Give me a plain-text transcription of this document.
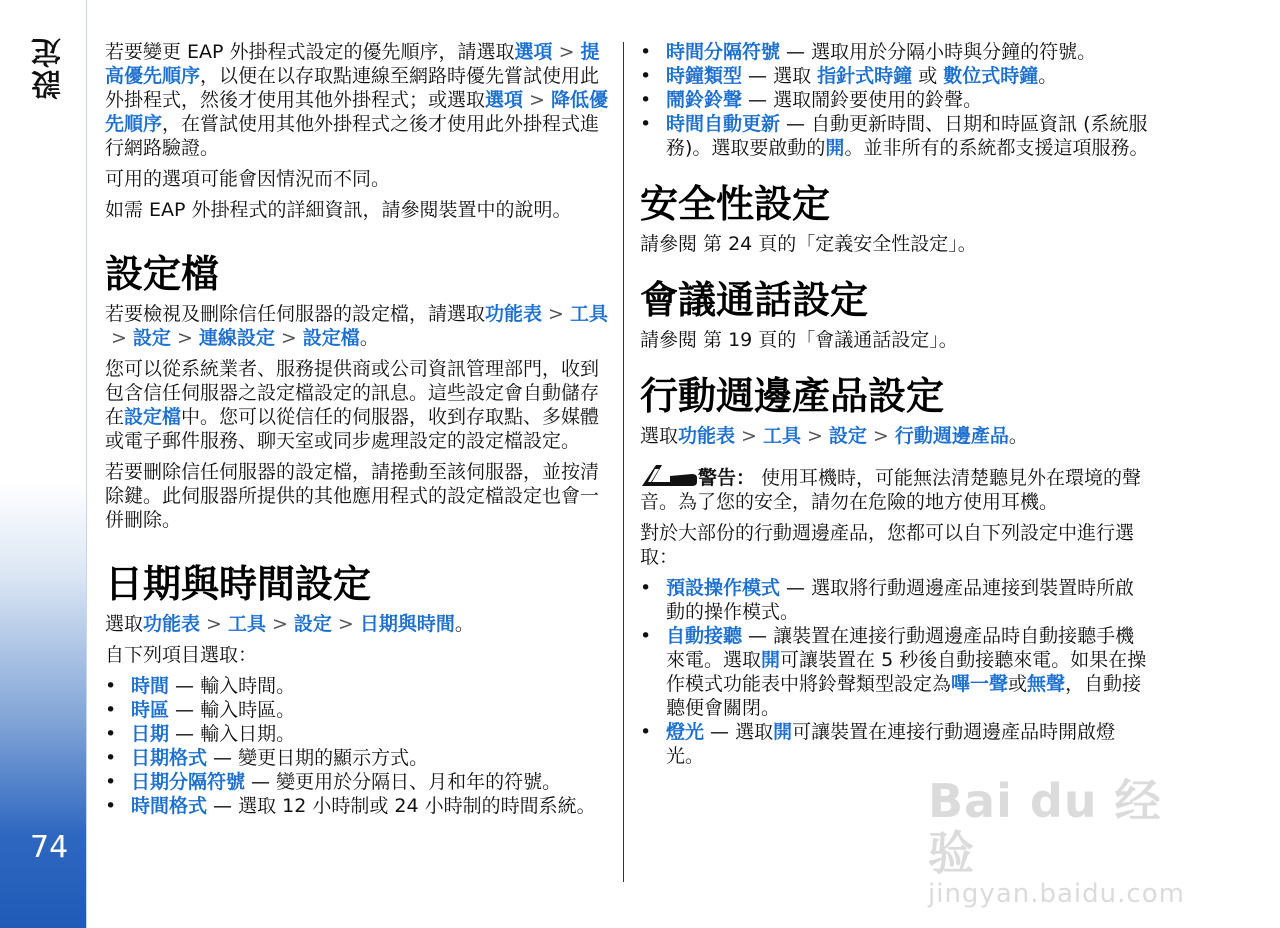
設定
74

若要變更 EAP 外掛程式設定的優先順序，請選取選項 > 提高優先順序，以便在以存取點連線至網路時優先嘗試使用此外掛程式，然後才使用其他外掛程式；或選取選項 > 降低優先順序，在嘗試使用其他外掛程式之後才使用此外掛程式進行網路驗證。

可用的選項可能會因情況而不同。

如需 EAP 外掛程式的詳細資訊，請參閱裝置中的說明。

設定檔

若要檢視及刪除信任伺服器的設定檔，請選取功能表 > 工具> 設定 > 連線設定 > 設定檔。

您可以從系統業者、服務提供商或公司資訊管理部門，收到包含信任伺服器之設定檔設定的訊息。這些設定會自動儲存在設定檔中。您可以從信任的伺服器，收到存取點、多媒體或電子郵件服務、聊天室或同步處理設定的設定檔設定。

若要刪除信任伺服器的設定檔，請捲動至該伺服器，並按清除鍵。此伺服器所提供的其他應用程式的設定檔設定也會一併刪除。

日期與時間設定

選取功能表 > 工具 > 設定 > 日期與時間。

自下列項目選取：

• 時間 — 輸入時間。
• 時區 — 輸入時區。
• 日期 — 輸入日期。
• 日期格式 — 變更日期的顯示方式。
• 日期分隔符號 — 變更用於分隔日、月和年的符號。
• 時間格式 — 選取 12 小時制或 24 小時制的時間系統。
• 時間分隔符號 — 選取用於分隔小時與分鐘的符號。
• 時鐘類型 — 選取 指針式時鐘 或 數位式時鐘。
• 鬧鈴鈴聲 — 選取鬧鈴要使用的鈴聲。
• 時間自動更新 — 自動更新時間、日期和時區資訊 (系統服務)。選取要啟動的開。並非所有的系統都支援這項服務。
安全性設定

請參閱 第 24 頁的「定義安全性設定」。

會議通話設定

請參閱 第 19 頁的「會議通話設定」。

行動週邊產品設定

選取功能表 > 工具 > 設定 > 行動週邊產品。

警告： 使用耳機時，可能無法清楚聽見外在環境的聲音。為了您的安全，請勿在危險的地方使用耳機。

對於大部份的行動週邊產品，您都可以自下列設定中進行選取：

• 預設操作模式 — 選取將行動週邊產品連接到裝置時所啟動的操作模式。
• 自動接聽 — 讓裝置在連接行動週邊產品時自動接聽手機來電。選取開可讓裝置在 5 秒後自動接聽來電。如果在操作模式功能表中將鈴聲類型設定為嗶一聲或無聲，自動接聽便會關閉。
• 燈光 — 選取開可讓裝置在連接行動週邊產品時開啟燈光。
Bai du 经验
jingyan.baidu.com
